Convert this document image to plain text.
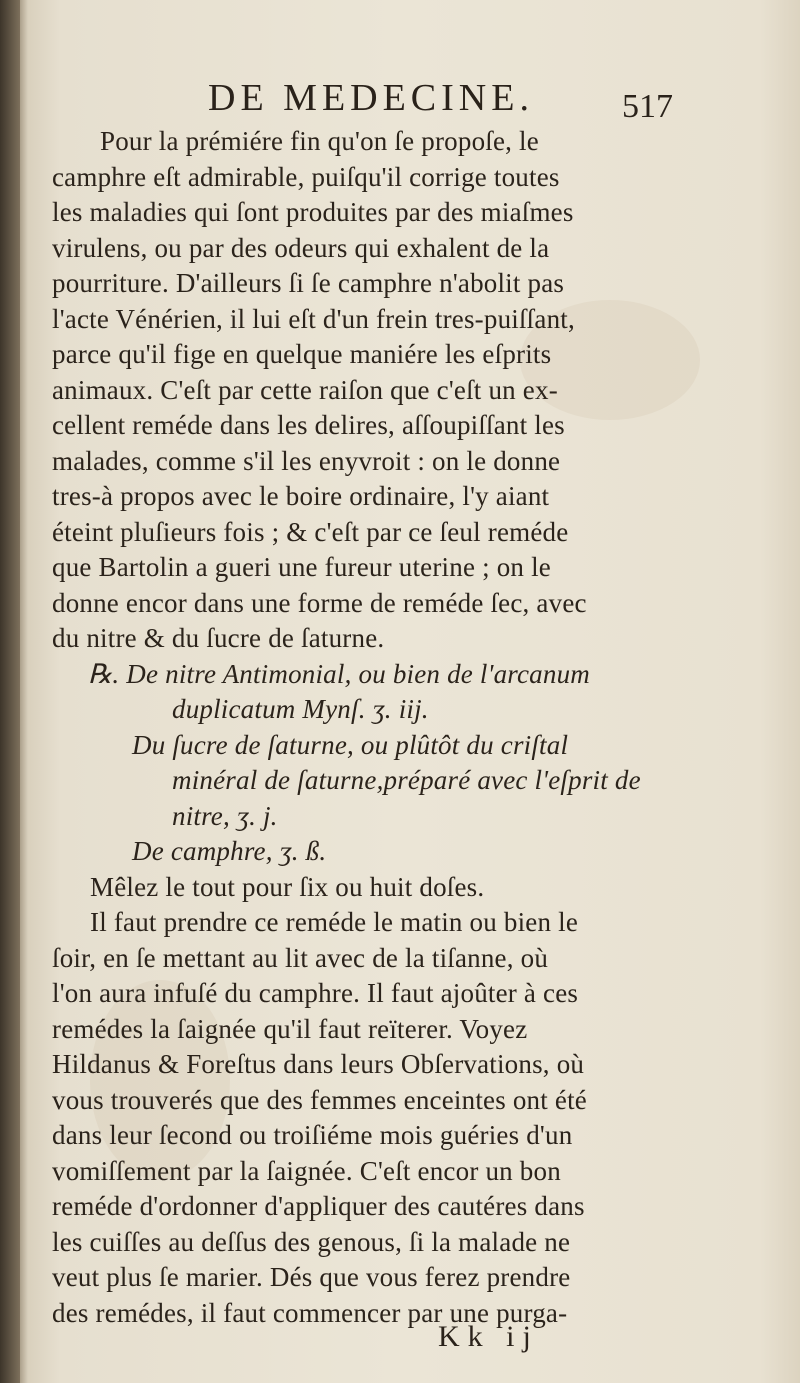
DE MEDECINE.	517
Pour la prémiére fin qu'on ſe propoſe, le
camphre eſt admirable, puiſqu'il corrige toutes
les maladies qui ſont produites par des miaſmes
virulens, ou par des odeurs qui exhalent de la
pourriture. D'ailleurs ſi ſe camphre n'abolit pas
l'acte Vénérien, il lui eſt d'un frein tres-puiſſant,
parce qu'il fige en quelque maniére les eſprits
animaux. C'eſt par cette raiſon que c'eſt un ex-
cellent reméde dans les delires, aſſoupiſſant les
malades, comme s'il les enyvroit : on le donne
tres-à propos avec le boire ordinaire, l'y aiant
éteint pluſieurs fois ; & c'eſt par ce ſeul reméde
que Bartolin a gueri une fureur uterine ; on le
donne encor dans une forme de reméde ſec, avec
du nitre & du ſucre de ſaturne.
℞. De nitre Antimonial, ou bien de l'arcanum
duplicatum Mynſ. ʒ. iij.
Du ſucre de ſaturne, ou plûtôt du criſtal
minéral de ſaturne,préparé avec l'eſprit de
nitre, ʒ. j.
De camphre, ʒ. ß.
Mêlez le tout pour ſix ou huit doſes.
Il faut prendre ce reméde le matin ou bien le
ſoir, en ſe mettant au lit avec de la tiſanne, où
l'on aura infuſé du camphre. Il faut ajoûter à ces
remédes la ſaignée qu'il faut reïterer. Voyez
Hildanus & Foreſtus dans leurs Obſervations, où
vous trouverés que des femmes enceintes ont été
dans leur ſecond ou troiſiéme mois guéries d'un
vomiſſement par la ſaignée. C'eſt encor un bon
reméde d'ordonner d'appliquer des cautéres dans
les cuiſſes au deſſus des genous, ſi la malade ne
veut plus ſe marier. Dés que vous ferez prendre
des remédes, il faut commencer par une purga-
Kk ij
